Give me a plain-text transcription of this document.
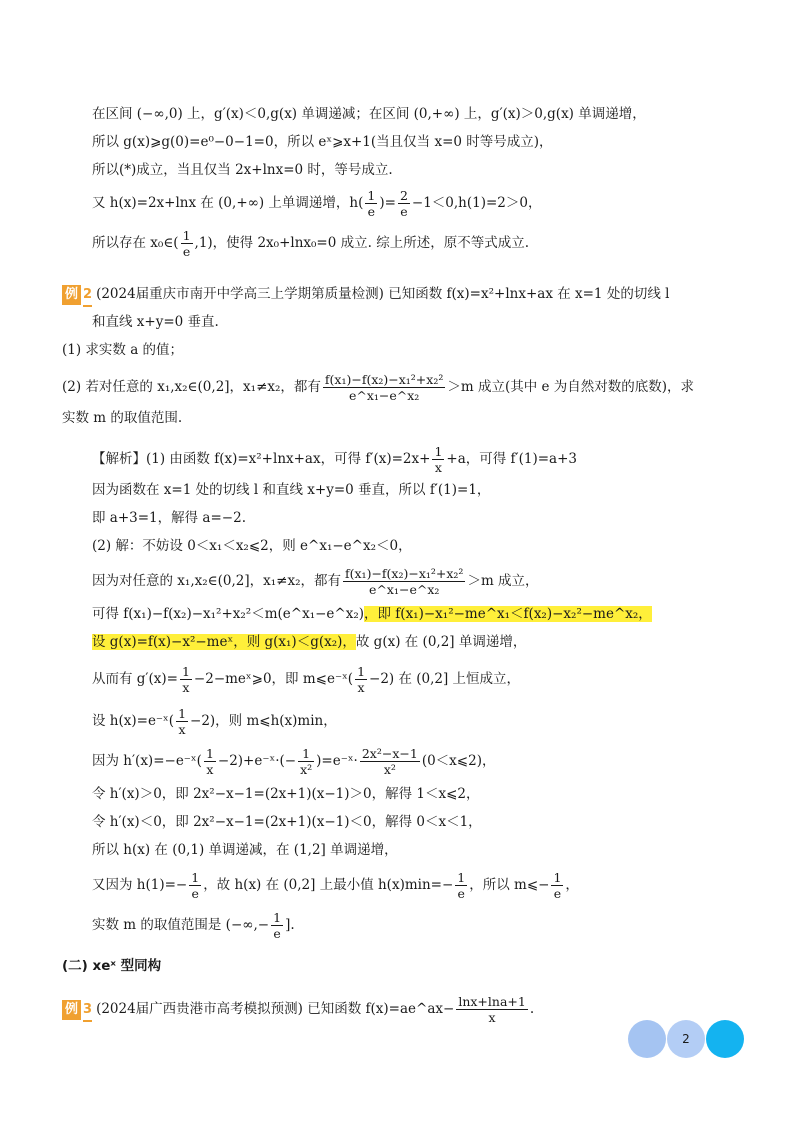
在区间 (−∞,0) 上，g′(x)＜0,g(x) 单调递减；在区间 (0,+∞) 上，g′(x)＞0,g(x) 单调递增，
所以 g(x)⩾g(0)=e⁰−0−1=0，所以 eˣ⩾x+1(当且仅当 x=0 时等号成立)，
所以(*)成立，当且仅当 2x+lnx=0 时，等号成立.
又 h(x)=2x+lnx 在 (0,+∞) 上单调递增，$h( \frac{1}{e}$ )= $\frac{2}{e} -1<0,h(1)=2>0$，
所以存在 x₀∈( $\frac{1}{e} ,1$)，使得 2x₀+lnx₀=0 成立. 综上所述，原不等式成立.
例 2 (2024届重庆市南开中学高三上学期第质量检测) 已知函数 f(x)=x²+lnx+ax 在 x=1 处的切线 l
和直线 x+y=0 垂直.
(1) 求实数 a 的值；
(2) 若对任意的 x₁,x₂∈(0,2]，x₁≠x₂，都有 $\frac{\text{f(x₁)−f(x₂)−x₁²+x₂²}}{\text{e\textasciicircum{}x₁−e\textasciicircum{}x₂}} >m$ 成立(其中 e 为自然对数的底数)，求
实数 m 的取值范围.
【解析】(1) 由函数 f(x)=x²+lnx+ax，可得 $f'(x)=2x+ \frac{1}{x} +a$，可得 f′(1)=a+3
因为函数在 x=1 处的切线 l 和直线 x+y=0 垂直，所以 f′(1)=1，
即 a+3=1，解得 a=−2.
(2) 解：不妨设 0＜x₁＜x₂⩽2，则 e^x₁−e^x₂＜0，
因为对任意的 x₁,x₂∈(0,2]，x₁≠x₂，都有 $\frac{\text{f(x₁)−f(x₂)−x₁²+x₂²}}{\text{e\textasciicircum{}x₁−e\textasciicircum{}x₂}} >m$ 成立，
可得 f(x₁)−f(x₂)−x₁²+x₂²＜m(e^x₁−e^x₂)，即 f(x₁)−x₁²−me^x₁＜f(x₂)−x₂²−me^x₂，
设 g(x)=f(x)−x²−meˣ，则 g(x₁)＜g(x₂)，故 g(x) 在 (0,2] 单调递增，
从而有 $g'(x)= \frac{1}{x}$ −2−meˣ⩾0，即 m⩽e⁻ˣ( $\frac{1}{x} -2$) 在 (0,2] 上恒成立，
设 h(x)=e⁻ˣ( $\frac{1}{x} -2$)，则 m⩽h(x)min，
因为 h′(x)=−e⁻ˣ( $\frac{1}{x}$ −2)+e⁻ˣ·(− $\frac{1}{\text{x²}}$ )=e⁻ˣ· $\frac{\text{2x²−x−1}}{\text{x²}}$ (0＜x⩽2)，
令 h′(x)＞0，即 2x²−x−1=(2x+1)(x−1)＞0，解得 1＜x⩽2，
令 h′(x)＜0，即 2x²−x−1=(2x+1)(x−1)＜0，解得 0＜x＜1，
所以 h(x) 在 (0,1) 单调递减，在 (1,2] 单调递增，
又因为 $h(1)=- \frac{1}{e}$ ，故 h(x) 在 (0,2] 上最小值 $h(x)\min=- \frac{1}{e}$ ，所以 m⩽− $\frac{1}{e}$ ，
实数 m 的取值范围是 (−∞,− $\frac{1}{e}$ ].
(二) xeˣ 型同构
例 3 (2024届广西贵港市高考模拟预测) 已知函数 f(x)=ae^ax− $\frac{\ln x+\ln a+1}{x}$ .
2
